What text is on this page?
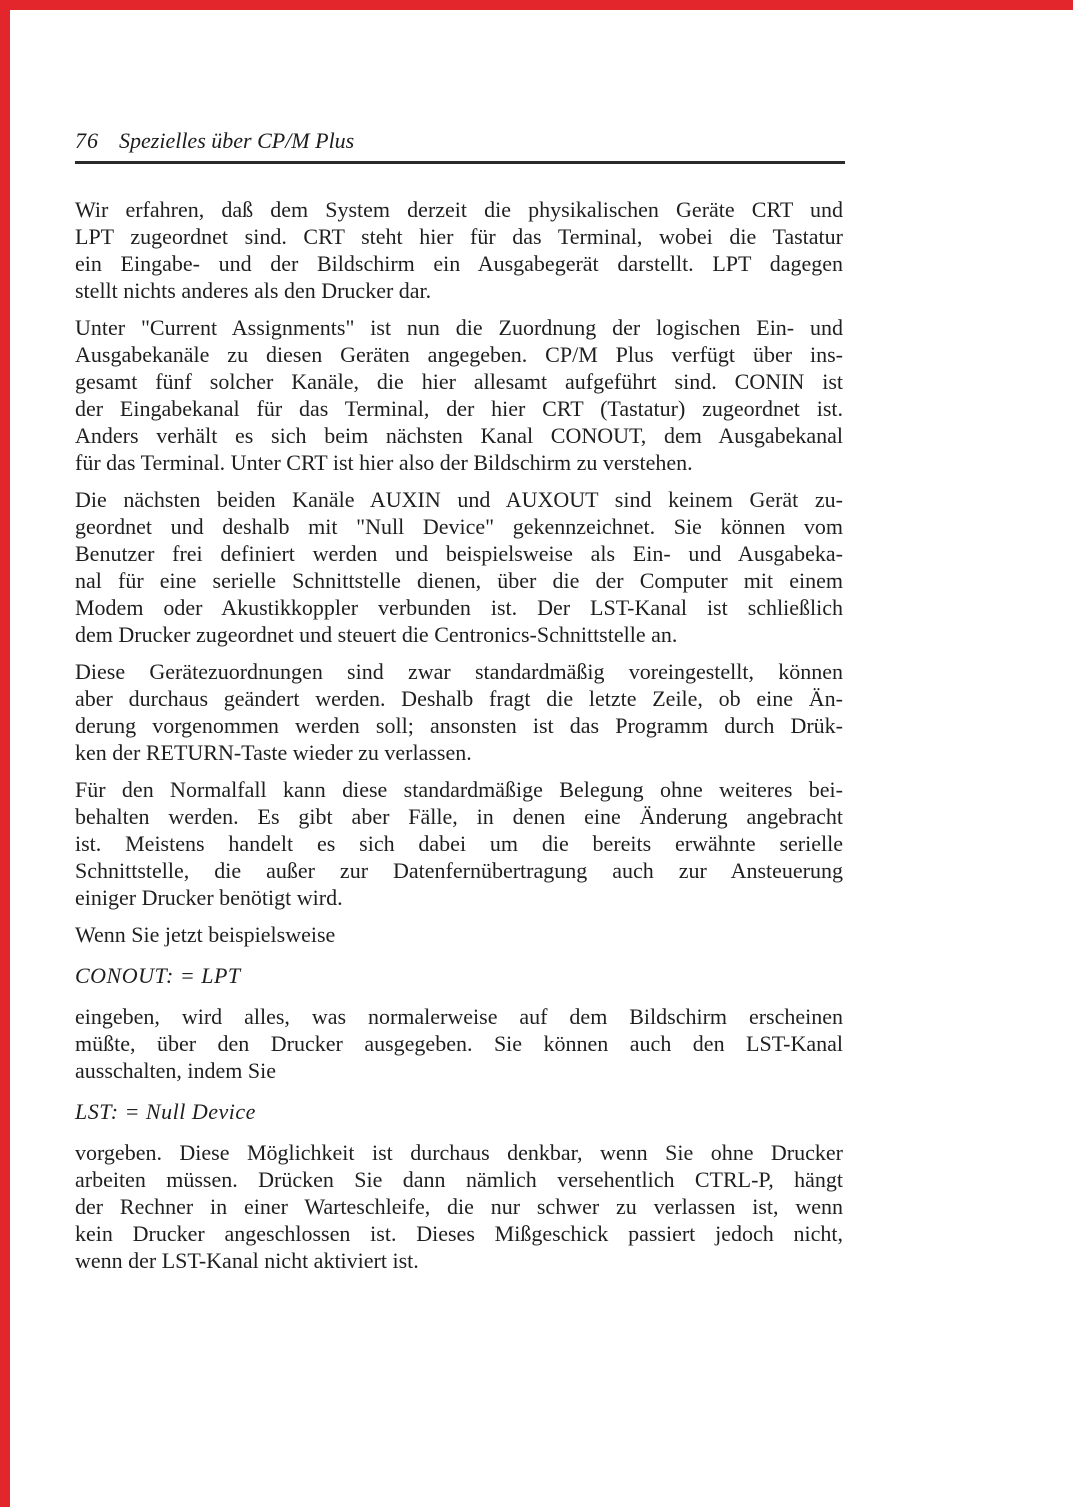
76 Spezielles über CP/M Plus
Wir erfahren, daß dem System derzeit die physikalischen Geräte CRT und
LPT zugeordnet sind. CRT steht hier für das Terminal, wobei die Tastatur
ein Eingabe- und der Bildschirm ein Ausgabegerät darstellt. LPT dagegen
stellt nichts anderes als den Drucker dar.
Unter "Current Assignments" ist nun die Zuordnung der logischen Ein- und
Ausgabekanäle zu diesen Geräten angegeben. CP/M Plus verfügt über ins-
gesamt fünf solcher Kanäle, die hier allesamt aufgeführt sind. CONIN ist
der Eingabekanal für das Terminal, der hier CRT (Tastatur) zugeordnet ist.
Anders verhält es sich beim nächsten Kanal CONOUT, dem Ausgabekanal
für das Terminal. Unter CRT ist hier also der Bildschirm zu verstehen.
Die nächsten beiden Kanäle AUXIN und AUXOUT sind keinem Gerät zu-
geordnet und deshalb mit "Null Device" gekennzeichnet. Sie können vom
Benutzer frei definiert werden und beispielsweise als Ein- und Ausgabeka-
nal für eine serielle Schnittstelle dienen, über die der Computer mit einem
Modem oder Akustikkoppler verbunden ist. Der LST-Kanal ist schließlich
dem Drucker zugeordnet und steuert die Centronics-Schnittstelle an.
Diese Gerätezuordnungen sind zwar standardmäßig voreingestellt, können
aber durchaus geändert werden. Deshalb fragt die letzte Zeile, ob eine Än-
derung vorgenommen werden soll; ansonsten ist das Programm durch Drük-
ken der RETURN-Taste wieder zu verlassen.
Für den Normalfall kann diese standardmäßige Belegung ohne weiteres bei-
behalten werden. Es gibt aber Fälle, in denen eine Änderung angebracht
ist. Meistens handelt es sich dabei um die bereits erwähnte serielle
Schnittstelle, die außer zur Datenfernübertragung auch zur Ansteuerung
einiger Drucker benötigt wird.
Wenn Sie jetzt beispielsweise
CONOUT: = LPT
eingeben, wird alles, was normalerweise auf dem Bildschirm erscheinen
müßte, über den Drucker ausgegeben. Sie können auch den LST-Kanal
ausschalten, indem Sie
LST: = Null Device
vorgeben. Diese Möglichkeit ist durchaus denkbar, wenn Sie ohne Drucker
arbeiten müssen. Drücken Sie dann nämlich versehentlich CTRL-P, hängt
der Rechner in einer Warteschleife, die nur schwer zu verlassen ist, wenn
kein Drucker angeschlossen ist. Dieses Mißgeschick passiert jedoch nicht,
wenn der LST-Kanal nicht aktiviert ist.
